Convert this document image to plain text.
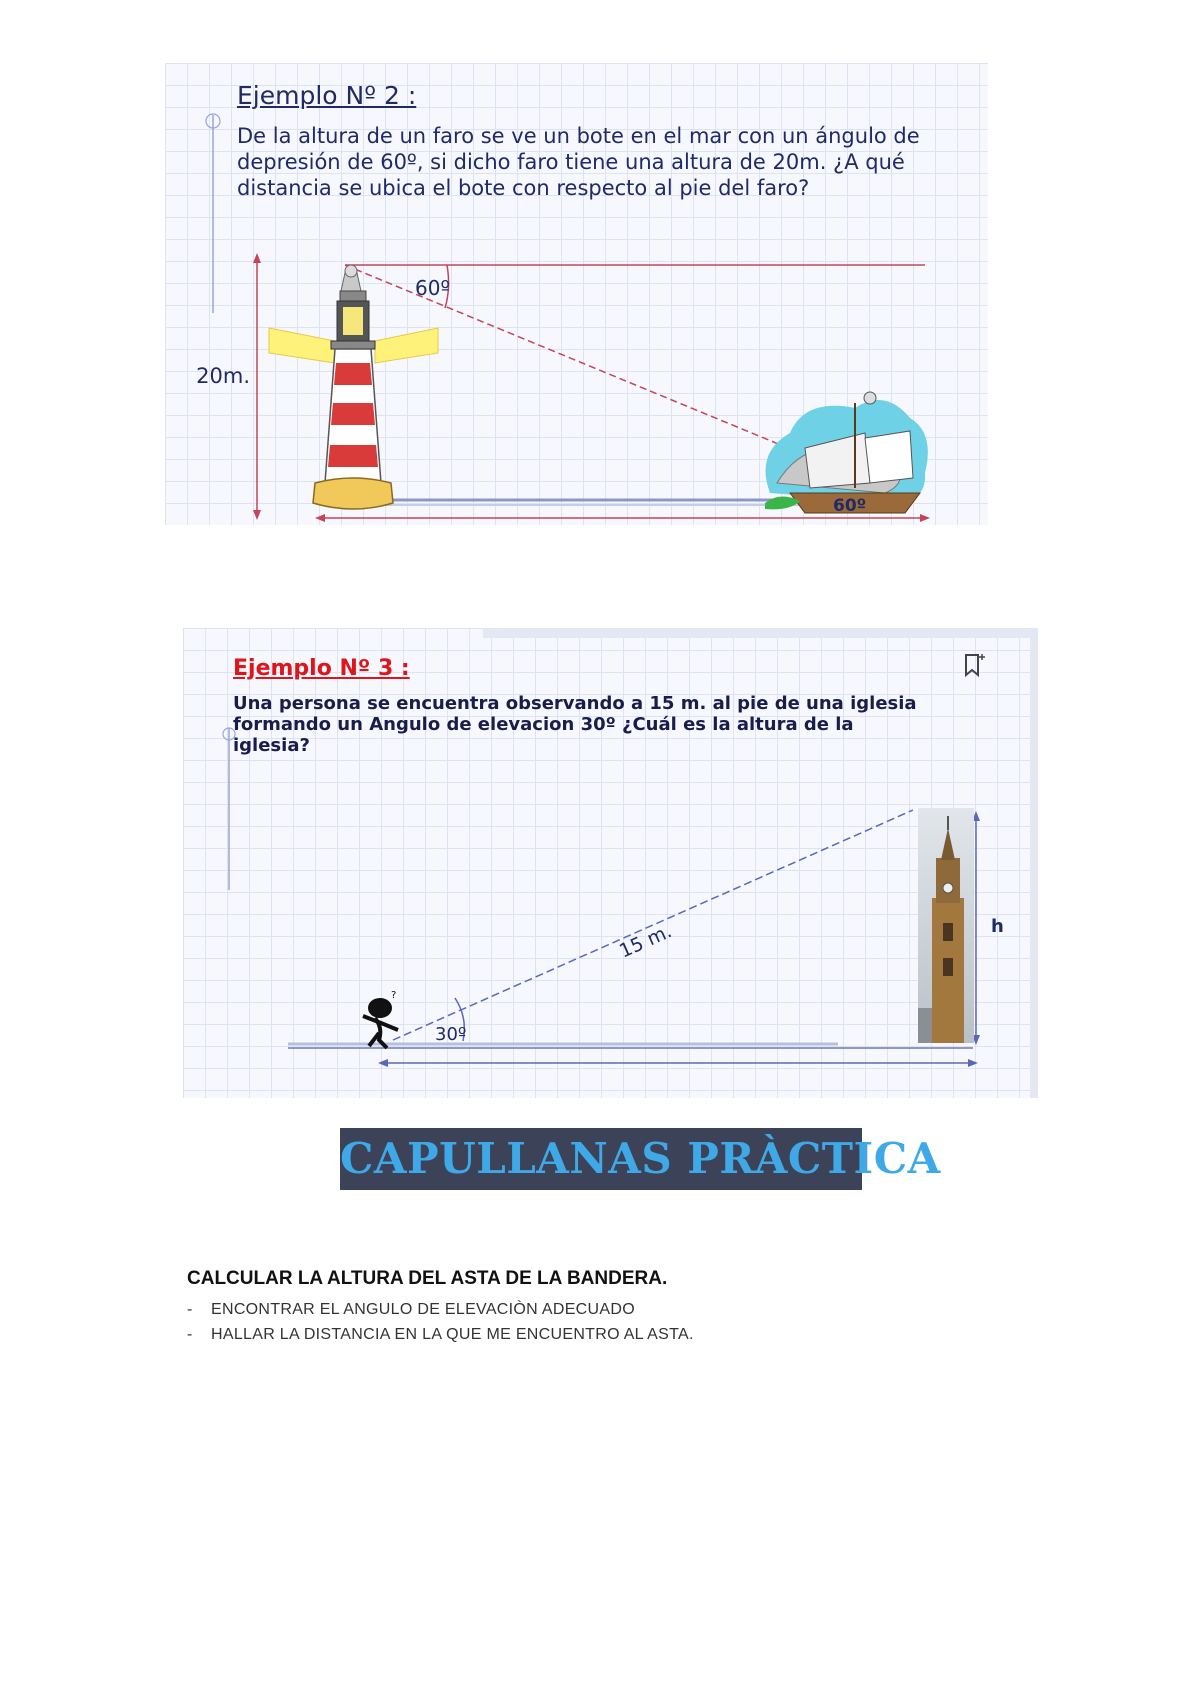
Ejemplo Nº 2 :
De la altura de un faro se ve un bote en el mar con un ángulo de depresión de 60º, si dicho faro tiene una altura de 20m. ¿A qué distancia se ubica el bote con respecto al pie del faro?
20m.
60º
60º
Ejemplo Nº 3 :
Una persona se encuentra observando a 15 m. al pie de una iglesia formando un Angulo de elevacion 30º ¿Cuál es la altura de la iglesia?
?
15 m.
30º
h
CAPULLANAS PRÀCTICA
CALCULAR LA ALTURA DEL ASTA DE LA BANDERA.
- ENCONTRAR EL ANGULO DE ELEVACIÒN ADECUADO
- HALLAR LA DISTANCIA EN LA QUE ME ENCUENTRO AL ASTA.
